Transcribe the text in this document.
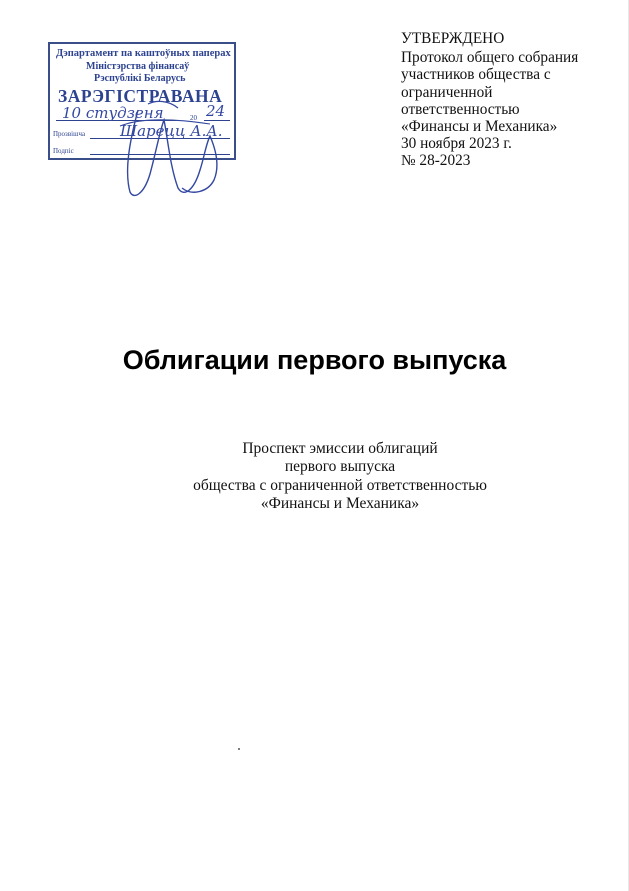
Дэпартамент па каштоўных паперах
Міністэрства фінансаў
Рэспублікі Беларусь
ЗАРЭГІСТРАВАНА
10 студзеня	20 24
Прозвішча Шарецц А.А.
Подпіс
УТВЕРЖДЕНО
Протокол общего собрания
участников общества с
ограниченной
ответственностью
«Финансы и Механика»
30 ноября 2023 г.
№ 28-2023
Облигации первого выпуска
Проспект эмиссии облигаций
первого выпуска
общества с ограниченной ответственностью
«Финансы и Механика»
